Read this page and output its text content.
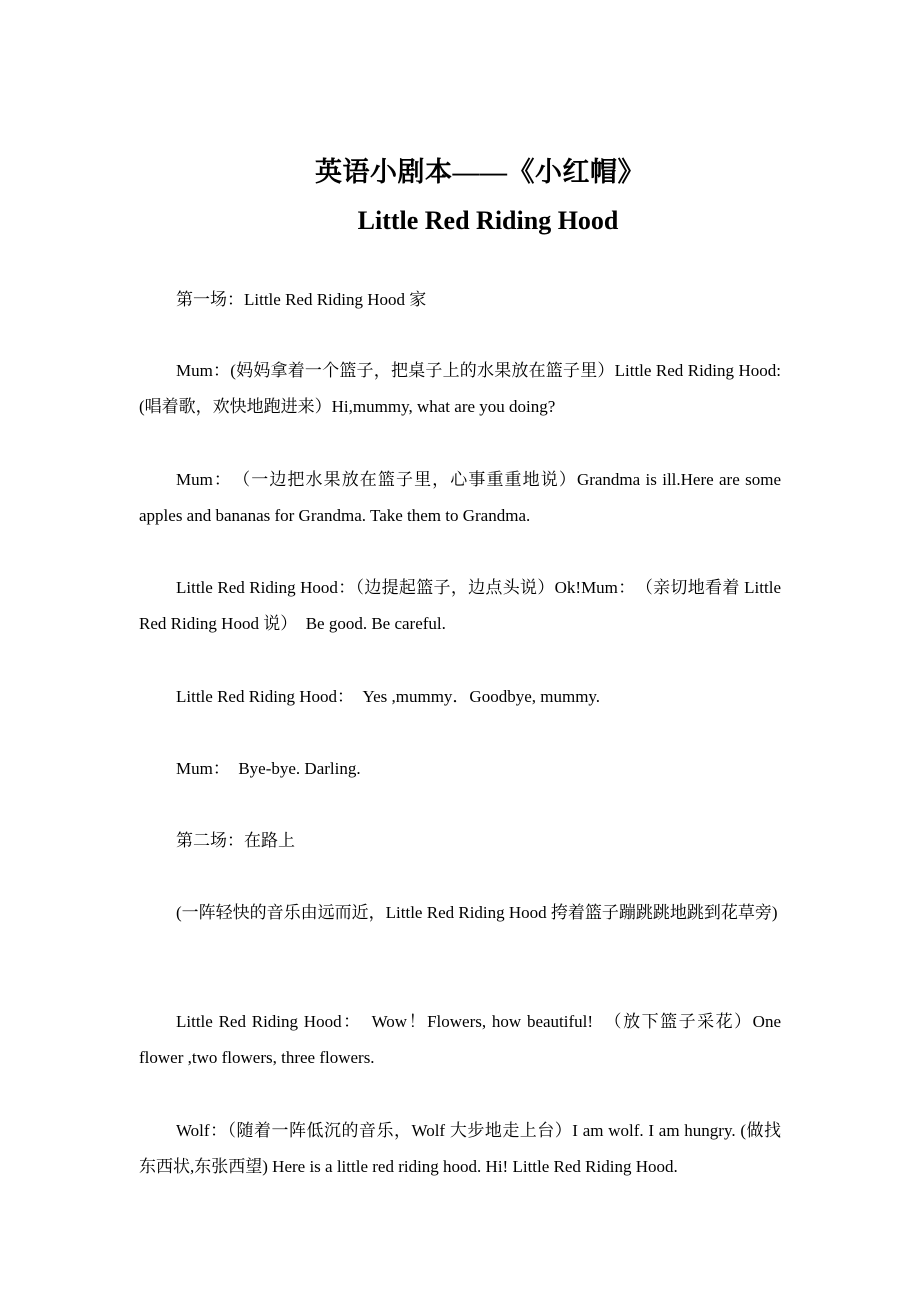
英语小剧本——《小红帽》
Little Red Riding Hood

第一场：Little Red Riding Hood 家

Mum：(妈妈拿着一个篮子，把桌子上的水果放在篮子里）Little Red Riding Hood:(唱着歌，欢快地跑进来）Hi,mummy, what are you doing?

Mum：　（一边把水果放在篮子里，心事重重地说）Grandma is ill.Here are some apples and bananas for Grandma. Take them to Grandma.

Little Red Riding Hood：（边提起篮子，边点头说）Ok!Mum：　（亲切地看着 Little Red Riding Hood 说）　Be good. Be careful.

Little Red Riding Hood：　Yes ,mummy．Goodbye, mummy.

Mum：　Bye-bye. Darling.

第二场：在路上

(一阵轻快的音乐由远而近，Little Red Riding Hood 挎着篮子蹦跳跳地跳到花草旁)

Little Red Riding Hood：　Wow！Flowers, how beautiful!　（放下篮子采花）One flower ,two flowers, three flowers.

Wolf：（随着一阵低沉的音乐，Wolf 大步地走上台）I am wolf. I am hungry. (做找东西状,东张西望) Here is a little red riding hood. Hi! Little Red Riding Hood.
